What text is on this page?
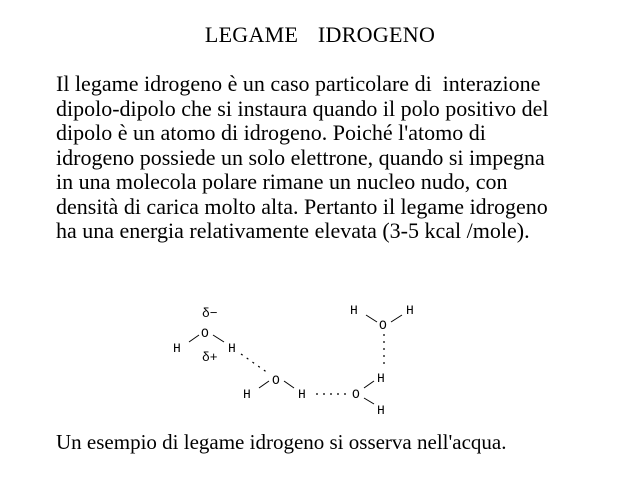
LEGAME  IDROGENO
Il legame idrogeno è un caso particolare di  interazione
dipolo-dipolo che si instaura quando il polo positivo del
dipolo è un atomo di idrogeno. Poiché l'atomo di
idrogeno possiede un solo elettrone, quando si impegna
in una molecola polare rimane un nucleo nudo, con
densità di carica molto alta. Pertanto il legame idrogeno
ha una energia relativamente elevata (3-5 kcal /mole).
δ−
O
H	H
δ+
O
H	H	O
H
H
O
H	H
Un esempio di legame idrogeno si osserva nell'acqua.
